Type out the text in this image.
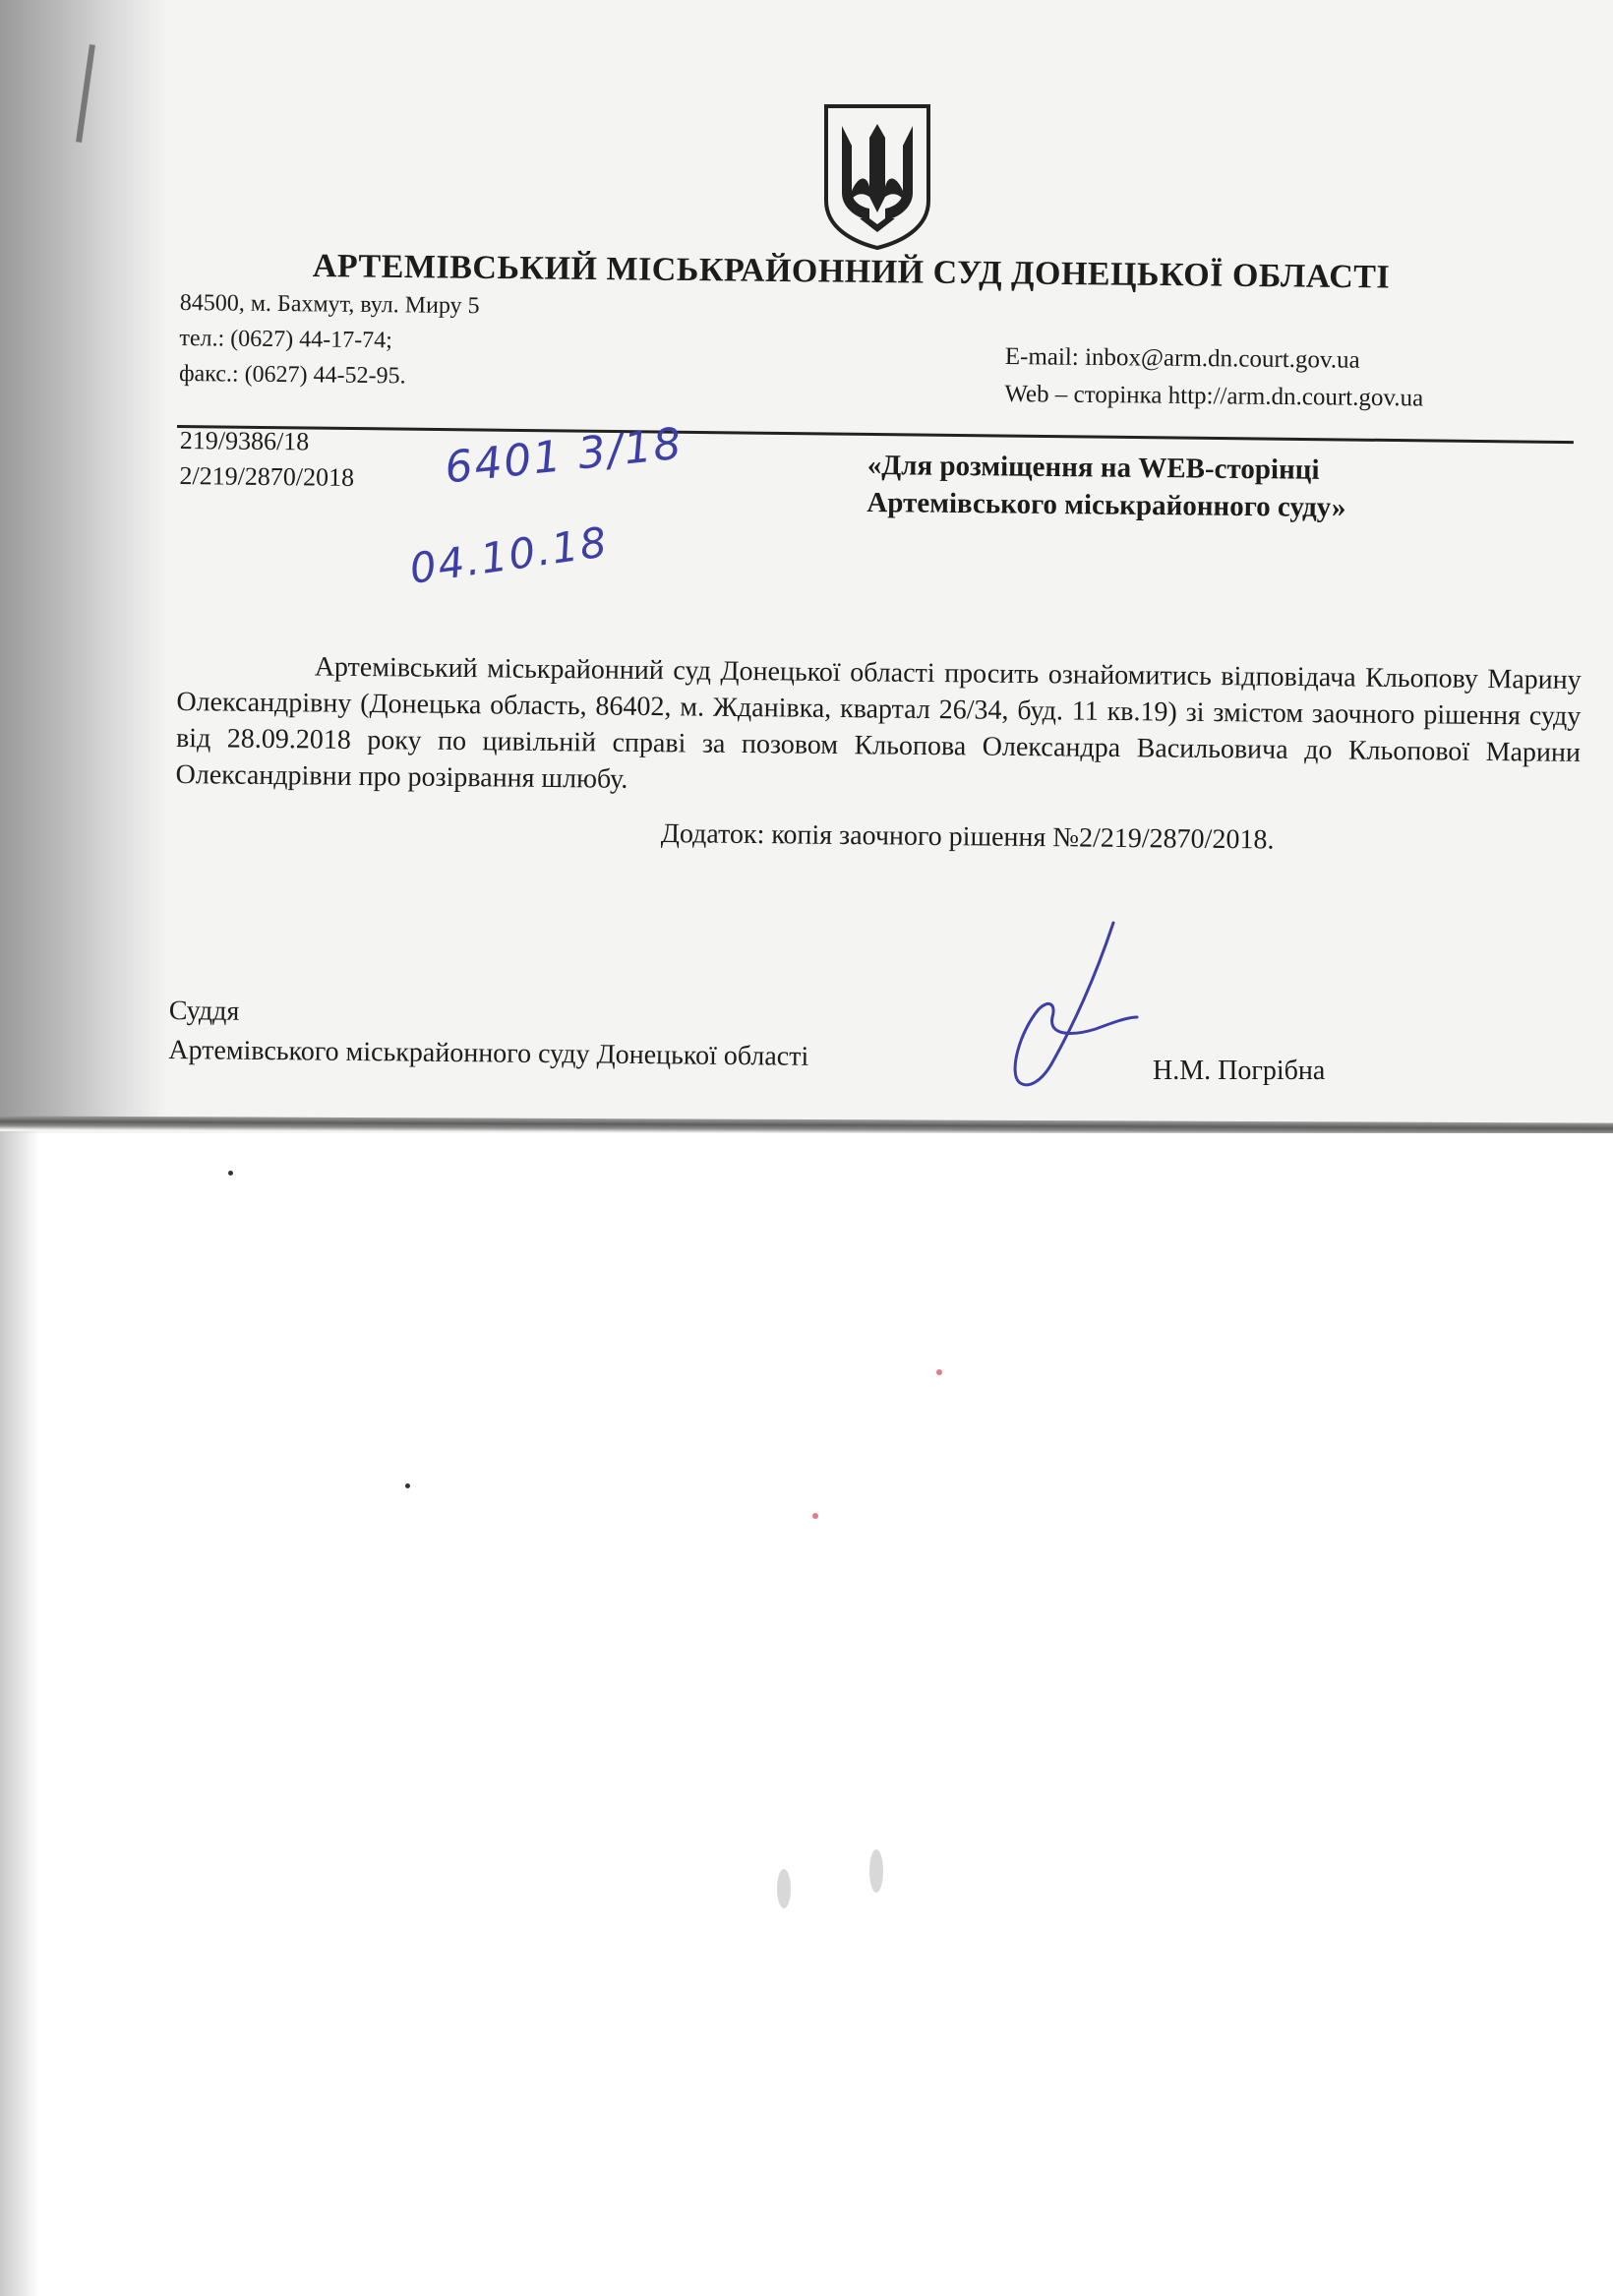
АРТЕМІВСЬКИЙ МІСЬКРАЙОННИЙ СУД ДОНЕЦЬКОЇ ОБЛАСТІ
84500, м. Бахмут, вул. Миру 5
тел.: (0627) 44-17-74;
факс.: (0627) 44-52-95.
E-mail: inbox@arm.dn.court.gov.ua
Web – сторінка http://arm.dn.court.gov.ua
219/9386/18
2/219/2870/2018	«Для розміщення на WEB-сторінці
Артемівського міськрайонного суду»
6401 3/18
04.10.18

Артемівський міськрайонний суд Донецької області просить ознайомитись відповідача Кльопову Марину Олександрівну (Донецька область, 86402, м. Жданівка, квартал 26/34, буд. 11 кв.19) зі змістом заочного рішення суду від 28.09.2018 року по цивільній справі за позовом Кльопова Олександра Васильовича до Кльопової Марини Олександрівни про розірвання шлюбу.

Додаток: копія заочного рішення №2/219/2870/2018.
Суддя
Артемівського міськрайонного суду Донецької області	Н.М. Погрібна
